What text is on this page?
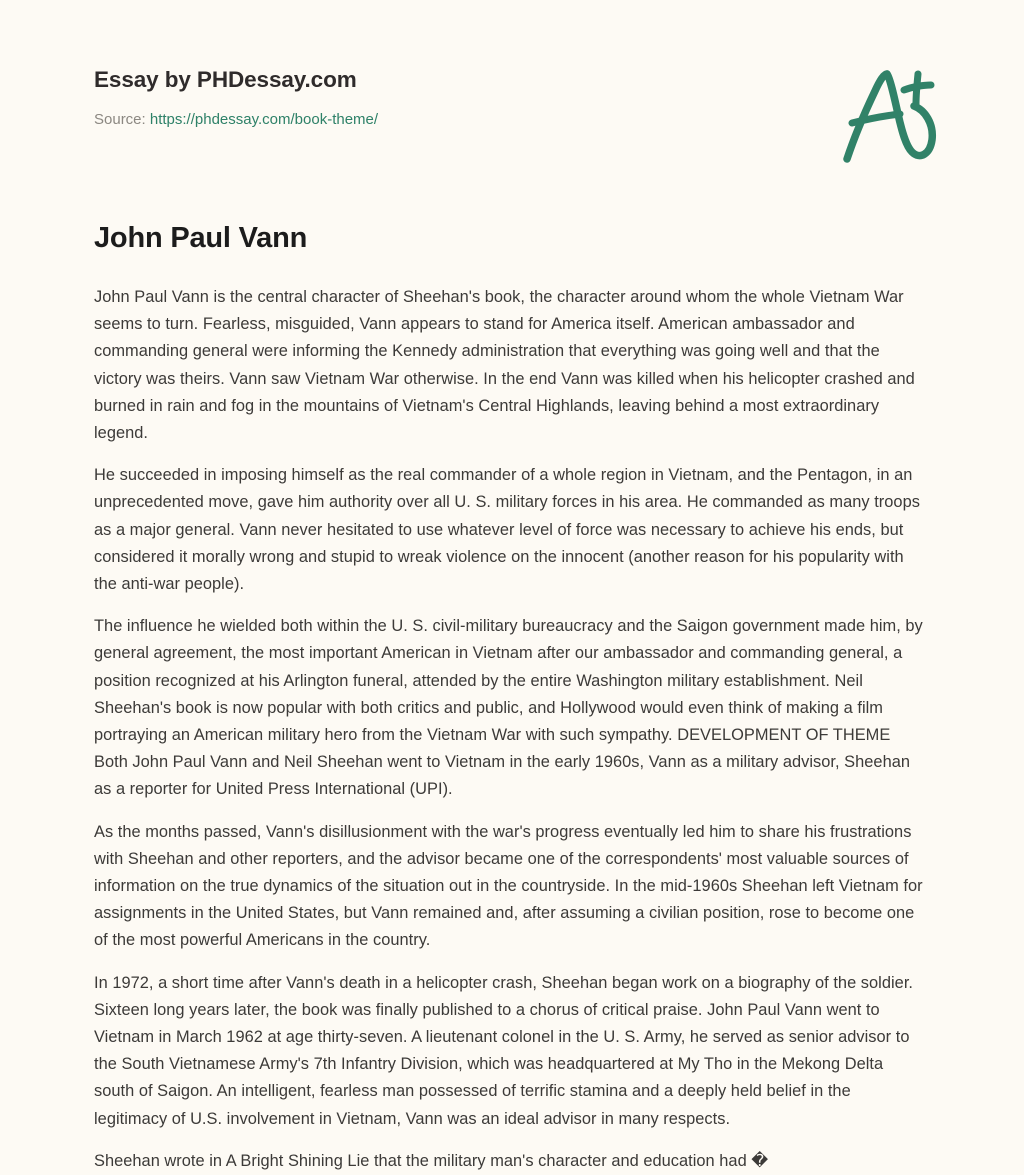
Essay by PHDessay.com
Source: https://phdessay.com/book-theme/
John Paul Vann

John Paul Vann is the central character of Sheehan's book, the character around whom the whole Vietnam War seems to turn. Fearless, misguided, Vann appears to stand for America itself. American ambassador and commanding general were informing the Kennedy administration that everything was going well and that the victory was theirs. Vann saw Vietnam War otherwise. In the end Vann was killed when his helicopter crashed and burned in rain and fog in the mountains of Vietnam's Central Highlands, leaving behind a most extraordinary legend.

He succeeded in imposing himself as the real commander of a whole region in Vietnam, and the Pentagon, in an unprecedented move, gave him authority over all U. S. military forces in his area. He commanded as many troops as a major general. Vann never hesitated to use whatever level of force was necessary to achieve his ends, but considered it morally wrong and stupid to wreak violence on the innocent (another reason for his popularity with the anti-war people).

The influence he wielded both within the U. S. civil-military bureaucracy and the Saigon government made him, by general agreement, the most important American in Vietnam after our ambassador and commanding general, a position recognized at his Arlington funeral, attended by the entire Washington military establishment. Neil Sheehan's book is now popular with both critics and public, and Hollywood would even think of making a film portraying an American military hero from the Vietnam War with such sympathy. DEVELOPMENT OF THEME Both John Paul Vann and Neil Sheehan went to Vietnam in the early 1960s, Vann as a military advisor, Sheehan as a reporter for United Press International (UPI).

As the months passed, Vann's disillusionment with the war's progress eventually led him to share his frustrations with Sheehan and other reporters, and the advisor became one of the correspondents' most valuable sources of information on the true dynamics of the situation out in the countryside. In the mid-1960s Sheehan left Vietnam for assignments in the United States, but Vann remained and, after assuming a civilian position, rose to become one of the most powerful Americans in the country.

In 1972, a short time after Vann's death in a helicopter crash, Sheehan began work on a biography of the soldier. Sixteen long years later, the book was finally published to a chorus of critical praise. John Paul Vann went to Vietnam in March 1962 at age thirty-seven. A lieutenant colonel in the U. S. Army, he served as senior advisor to the South Vietnamese Army's 7th Infantry Division, which was headquartered at My Tho in the Mekong Delta south of Saigon. An intelligent, fearless man possessed of terrific stamina and a deeply held belief in the legitimacy of U.S. involvement in Vietnam, Vann was an ideal advisor in many respects.

Sheehan wrote in A Bright Shining Lie that the military man's character and education had �
